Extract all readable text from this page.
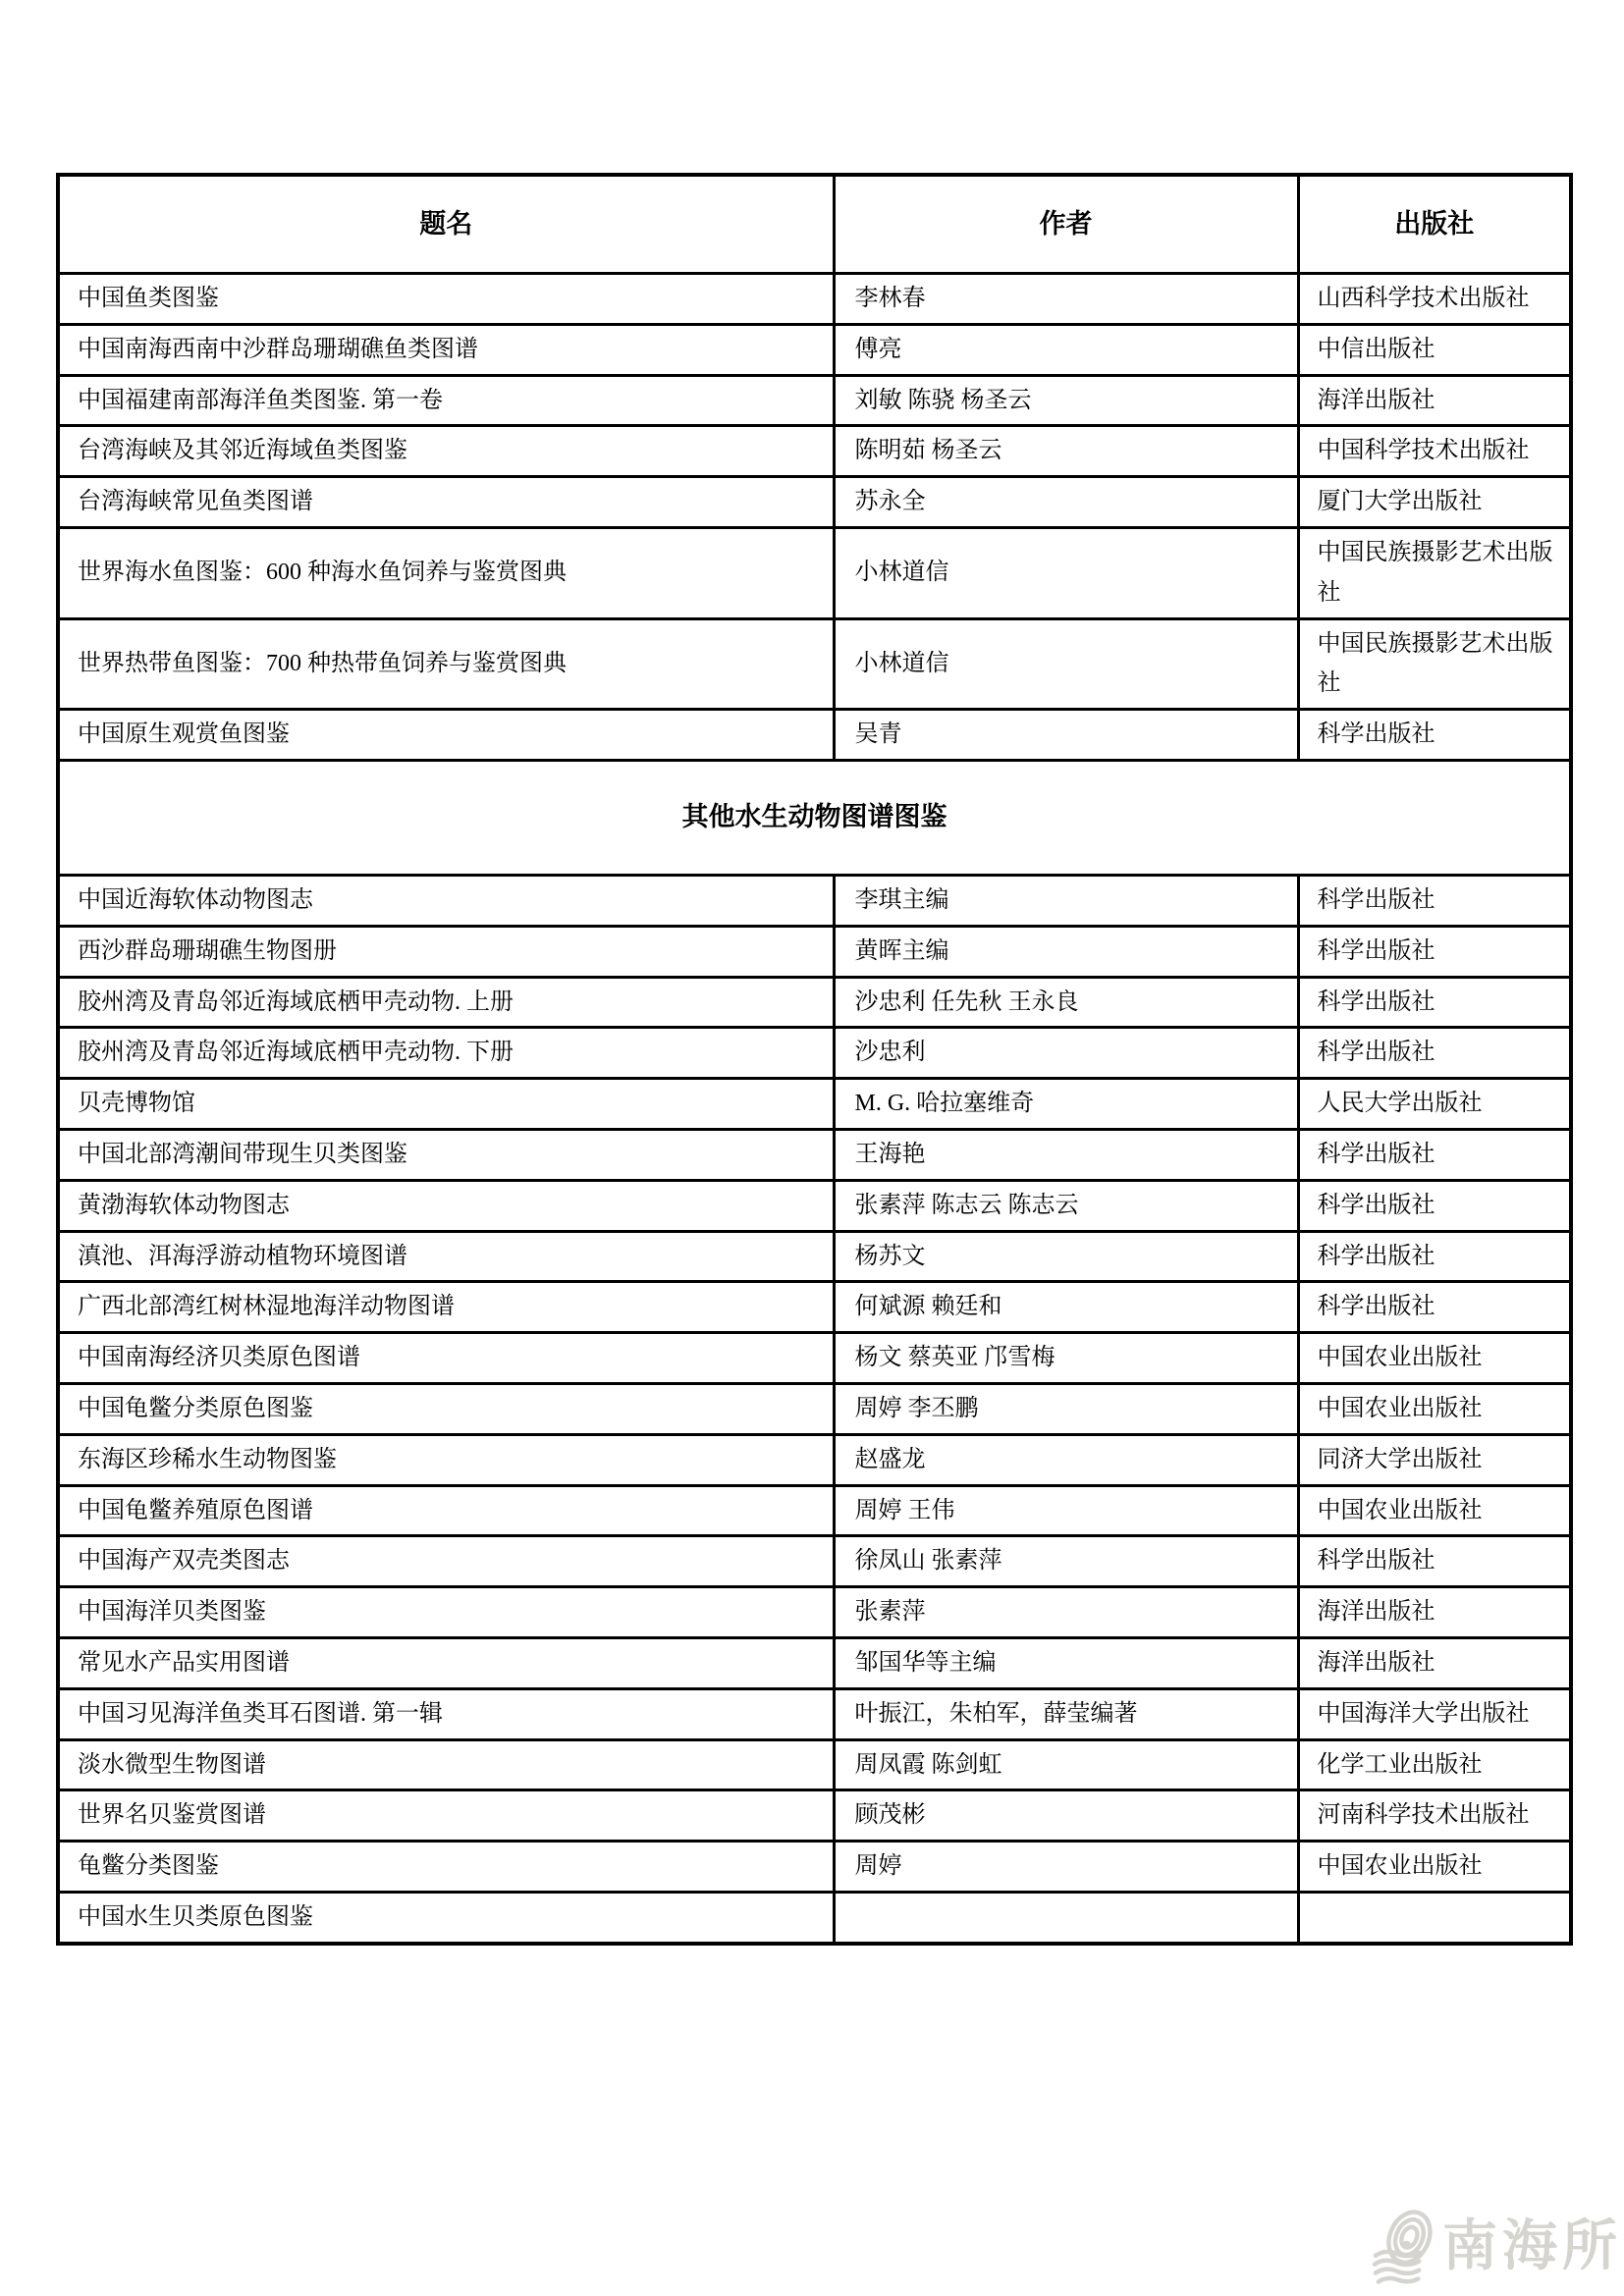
题名	作者	出版社
中国鱼类图鉴	李林春	山西科学技术出版社
中国南海西南中沙群岛珊瑚礁鱼类图谱	傅亮	中信出版社
中国福建南部海洋鱼类图鉴. 第一卷	刘敏 陈骁 杨圣云	海洋出版社
台湾海峡及其邻近海域鱼类图鉴	陈明茹 杨圣云	中国科学技术出版社
台湾海峡常见鱼类图谱	苏永全	厦门大学出版社
世界海水鱼图鉴：600 种海水鱼饲养与鉴赏图典	小林道信	中国民族摄影艺术出版社
世界热带鱼图鉴：700 种热带鱼饲养与鉴赏图典	小林道信	中国民族摄影艺术出版社
中国原生观赏鱼图鉴	吴青	科学出版社
其他水生动物图谱图鉴		
中国近海软体动物图志	李琪主编	科学出版社
西沙群岛珊瑚礁生物图册	黄晖主编	科学出版社
胶州湾及青岛邻近海域底栖甲壳动物. 上册	沙忠利 任先秋 王永良	科学出版社
胶州湾及青岛邻近海域底栖甲壳动物. 下册	沙忠利	科学出版社
贝壳博物馆	M. G. 哈拉塞维奇	人民大学出版社
中国北部湾潮间带现生贝类图鉴	王海艳	科学出版社
黄渤海软体动物图志	张素萍 陈志云 陈志云	科学出版社
滇池、洱海浮游动植物环境图谱	杨苏文	科学出版社
广西北部湾红树林湿地海洋动物图谱	何斌源 赖廷和	科学出版社
中国南海经济贝类原色图谱	杨文 蔡英亚 邝雪梅	中国农业出版社
中国龟鳖分类原色图鉴	周婷 李丕鹏	中国农业出版社
东海区珍稀水生动物图鉴	赵盛龙	同济大学出版社
中国龟鳖养殖原色图谱	周婷 王伟	中国农业出版社
中国海产双壳类图志	徐凤山 张素萍	科学出版社
中国海洋贝类图鉴	张素萍	海洋出版社
常见水产品实用图谱	邹国华等主编	海洋出版社
中国习见海洋鱼类耳石图谱. 第一辑	叶振江，朱柏军，薛莹编著	中国海洋大学出版社
淡水微型生物图谱	周凤霞 陈剑虹	化学工业出版社
世界名贝鉴赏图谱	顾茂彬	河南科学技术出版社
龟鳖分类图鉴	周婷	中国农业出版社
中国水生贝类原色图鉴		
南海所
